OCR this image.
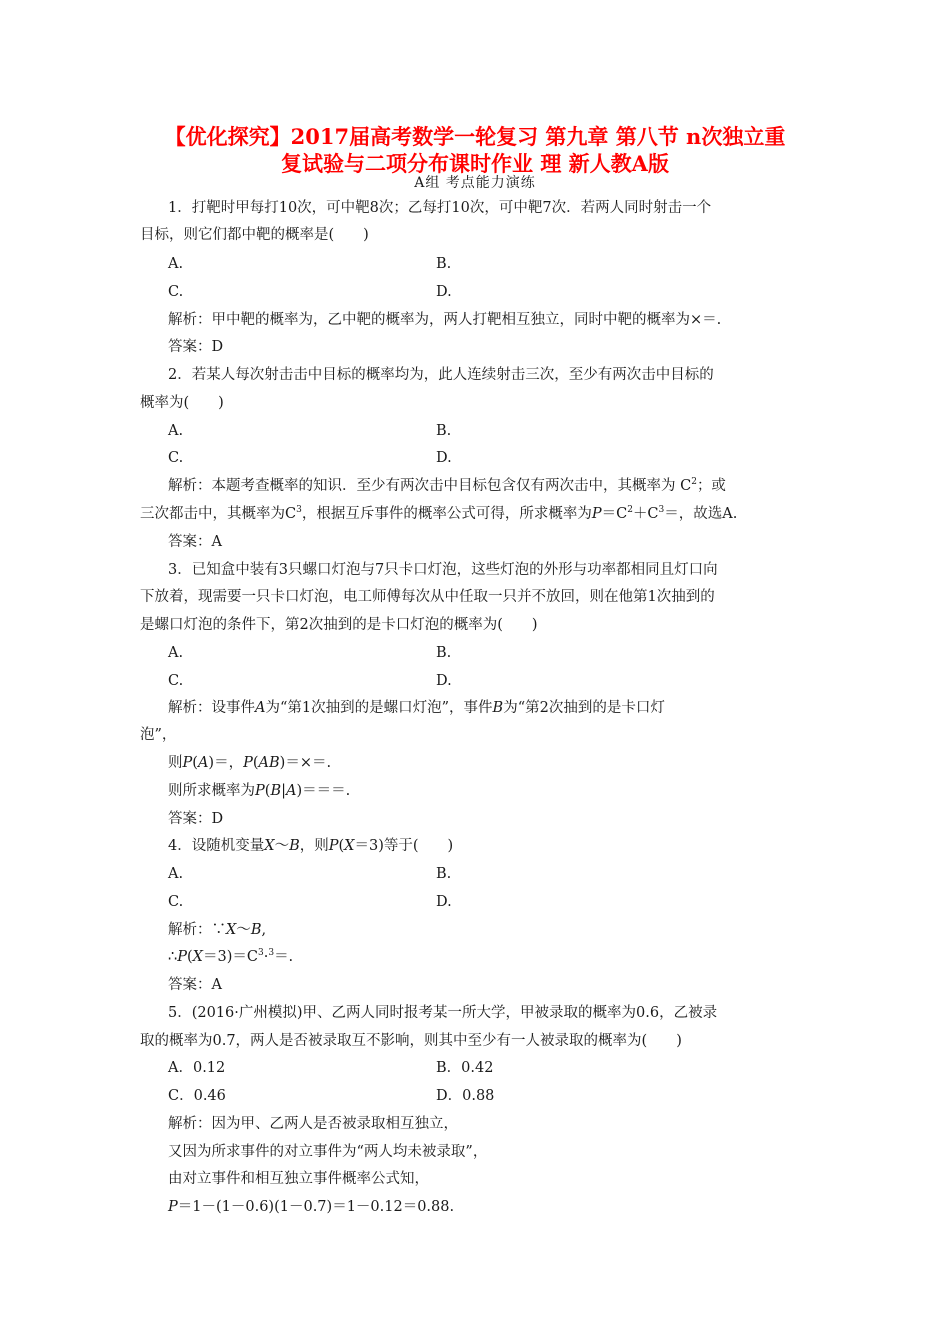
【优化探究】2017届高考数学一轮复习 第九章 第八节 n次独立重
复试验与二项分布课时作业 理 新人教A版
A组 考点能力演练
1．打靶时甲每打10次，可中靶8次；乙每打10次，可中靶7次．若两人同时射击一个
目标，则它们都中靶的概率是(　　)
A.	B.
C.	D.
解析：甲中靶的概率为，乙中靶的概率为，两人打靶相互独立，同时中靶的概率为×＝.
答案：D
2．若某人每次射击击中目标的概率均为，此人连续射击三次，至少有两次击中目标的
概率为(　　)
A.	B.
C.	D.
解析：本题考查概率的知识．至少有两次击中目标包含仅有两次击中，其概率为 $C^2$；或
三次都击中，其概率为$C^3$，根据互斥事件的概率公式可得，所求概率为$P=C^2+C^3=$，故选A.
答案：A
3．已知盒中装有3只螺口灯泡与7只卡口灯泡，这些灯泡的外形与功率都相同且灯口向
下放着，现需要一只卡口灯泡，电工师傅每次从中任取一只并不放回，则在他第1次抽到的
是螺口灯泡的条件下，第2次抽到的是卡口灯泡的概率为(　　)
A.	B.
C.	D.
解析：设事件A为“第1次抽到的是螺口灯泡”，事件B为“第2次抽到的是卡口灯
泡”，
则P(A)＝，P(AB)＝×＝.
则所求概率为P(B|A)＝＝＝.
答案：D
4．设随机变量X～B，则P(X＝3)等于(　　)
A.	B.
C.	D.
解析：∵X～B,
$\therefore P(X=3)=C^3\cdot^3=$.
答案：A
5．(2016·广州模拟)甲、乙两人同时报考某一所大学，甲被录取的概率为0.6，乙被录
取的概率为0.7，两人是否被录取互不影响，则其中至少有一人被录取的概率为(　　)
A．0.12	B．0.42
C．0.46	D．0.88
解析：因为甲、乙两人是否被录取相互独立，
又因为所求事件的对立事件为“两人均未被录取”，
由对立事件和相互独立事件概率公式知，
P＝1－(1－0.6)(1－0.7)＝1－0.12＝0.88.
